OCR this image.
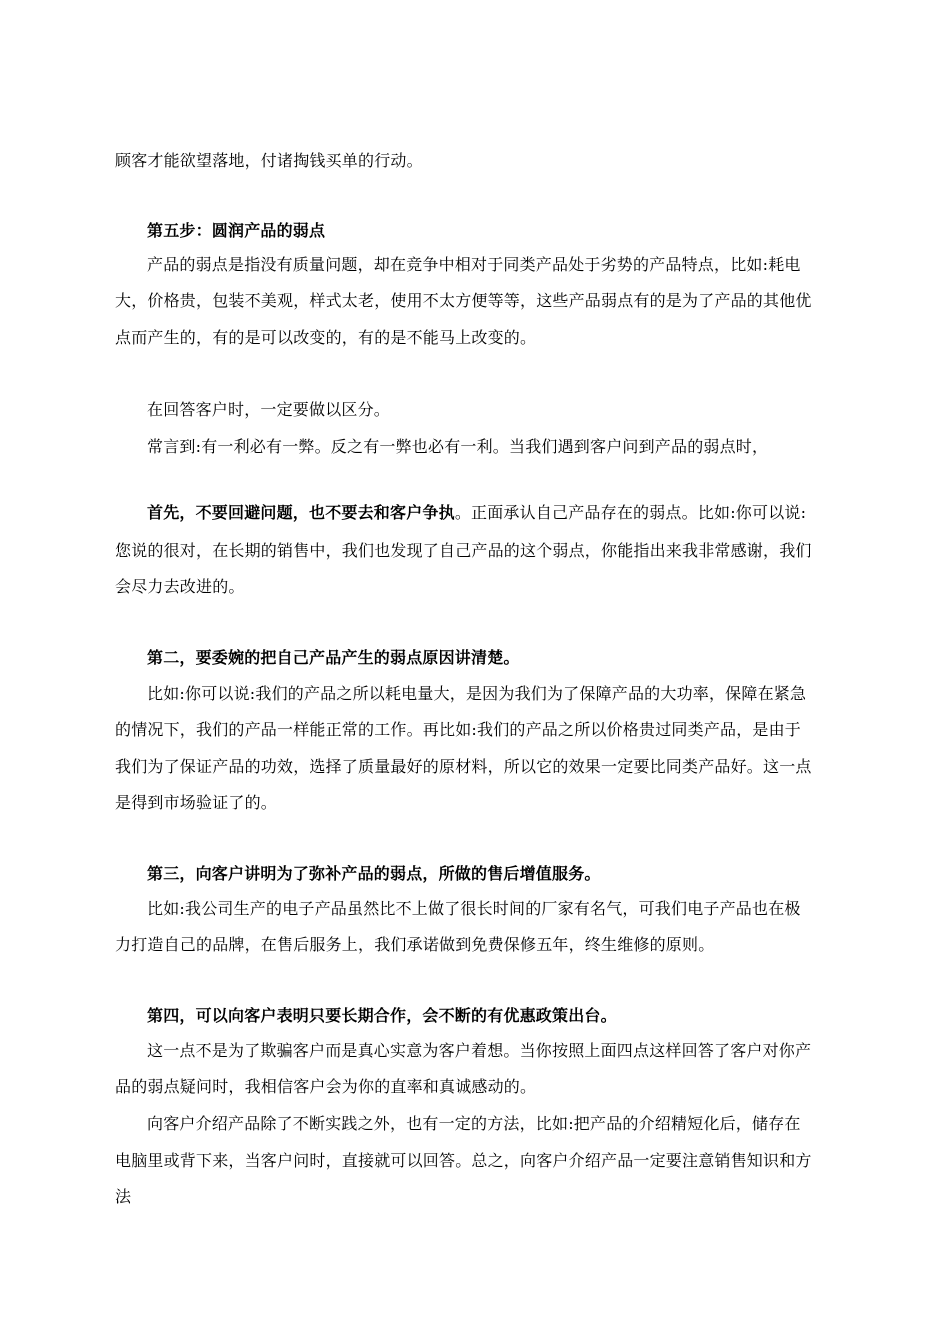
顾客才能欲望落地，付诸掏钱买单的行动。
第五步：圆润产品的弱点
产品的弱点是指没有质量问题，却在竞争中相对于同类产品处于劣势的产品特点，比如:耗电
大，价格贵，包装不美观，样式太老，使用不太方便等等，这些产品弱点有的是为了产品的其他优
点而产生的，有的是可以改变的，有的是不能马上改变的。
在回答客户时，一定要做以区分。
常言到:有一利必有一弊。反之有一弊也必有一利。当我们遇到客户问到产品的弱点时，
首先，不要回避问题，也不要去和客户争执。正面承认自己产品存在的弱点。比如:你可以说:
您说的很对，在长期的销售中，我们也发现了自己产品的这个弱点，你能指出来我非常感谢，我们
会尽力去改进的。
第二，要委婉的把自己产品产生的弱点原因讲清楚。
比如:你可以说:我们的产品之所以耗电量大，是因为我们为了保障产品的大功率，保障在紧急
的情况下，我们的产品一样能正常的工作。再比如:我们的产品之所以价格贵过同类产品，是由于
我们为了保证产品的功效，选择了质量最好的原材料，所以它的效果一定要比同类产品好。这一点
是得到市场验证了的。
第三，向客户讲明为了弥补产品的弱点，所做的售后增值服务。
比如:我公司生产的电子产品虽然比不上做了很长时间的厂家有名气，可我们电子产品也在极
力打造自己的品牌，在售后服务上，我们承诺做到免费保修五年，终生维修的原则。
第四，可以向客户表明只要长期合作，会不断的有优惠政策出台。
这一点不是为了欺骗客户而是真心实意为客户着想。当你按照上面四点这样回答了客户对你产
品的弱点疑问时，我相信客户会为你的直率和真诚感动的。
向客户介绍产品除了不断实践之外，也有一定的方法，比如:把产品的介绍精短化后，储存在
电脑里或背下来，当客户问时，直接就可以回答。总之，向客户介绍产品一定要注意销售知识和方
法
